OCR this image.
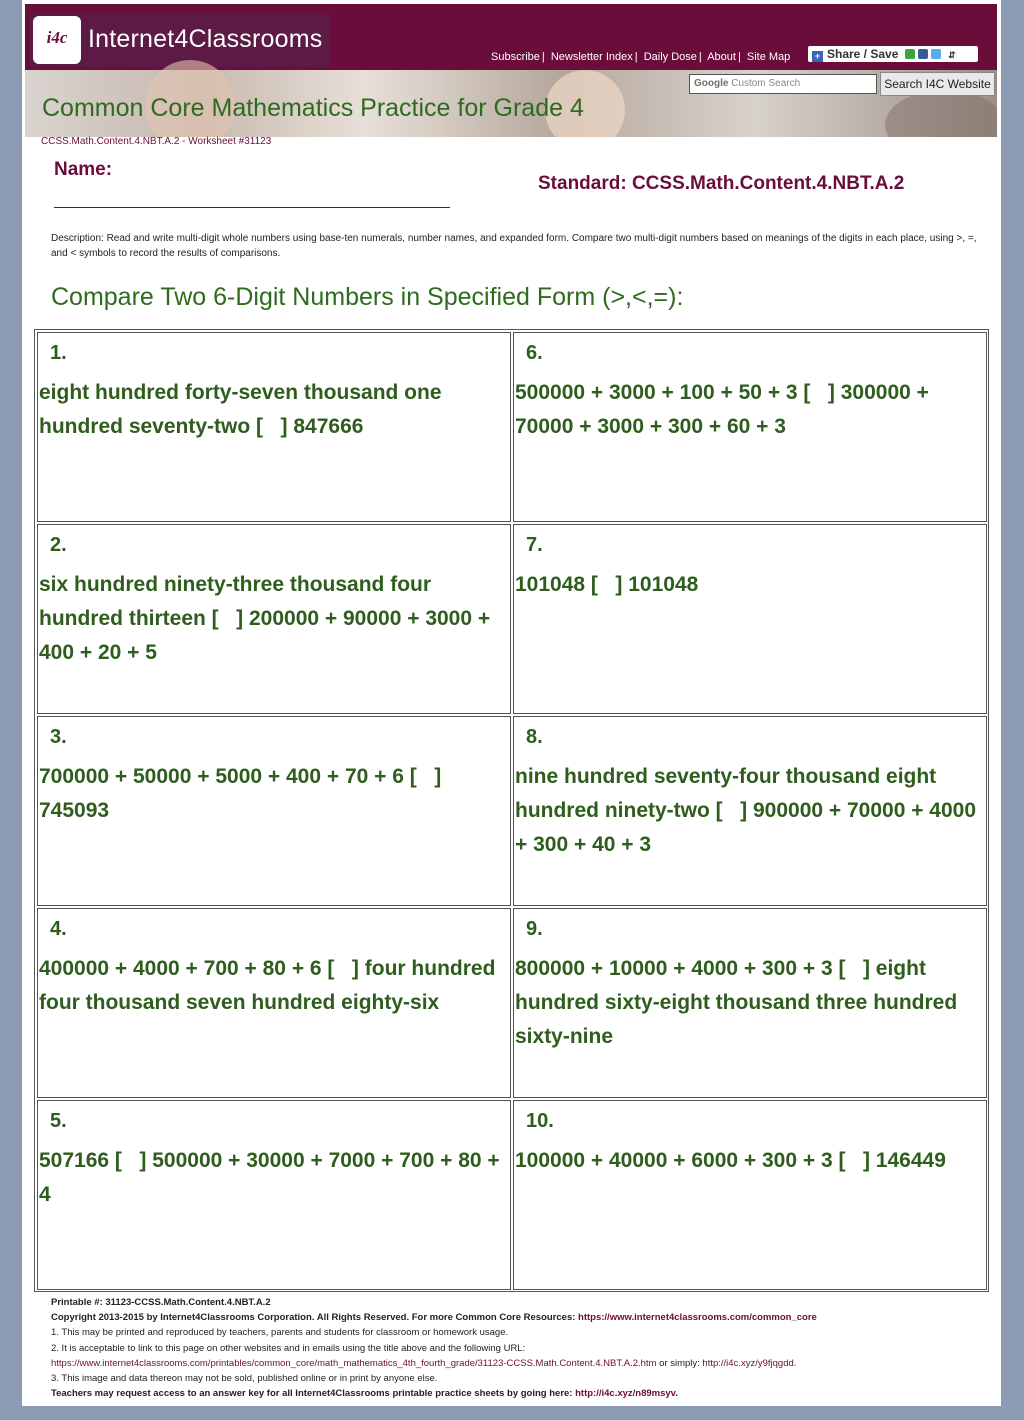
i4c Internet4Classrooms
Subscribe | Newsletter Index | Daily Dose | About | Site Map	+ Share / Save	⇵
Google Custom Search	Search I4C Website
Common Core Mathematics Practice for Grade 4
CCSS.Math.Content.4.NBT.A.2 - Worksheet #31123
Name:
Standard: CCSS.Math.Content.4.NBT.A.2
Description: Read and write multi-digit whole numbers using base-ten numerals, number names, and expanded form. Compare two multi-digit numbers based on meanings of the digits in each place, using >, =, and < symbols to record the results of comparisons.
Compare Two 6-Digit Numbers in Specified Form (>,<,=):
1.
eight hundred forty-seven thousand one hundred seventy-two [   ] 847666
6.
500000 + 3000 + 100 + 50 + 3 [   ] 300000 + 70000 + 3000 + 300 + 60 + 3
2.
six hundred ninety-three thousand four hundred thirteen [   ] 200000 + 90000 + 3000 + 400 + 20 + 5
7.
101048 [   ] 101048
3.
700000 + 50000 + 5000 + 400 + 70 + 6 [   ] 745093
8.
nine hundred seventy-four thousand eight hundred ninety-two [   ] 900000 + 70000 + 4000 + 300 + 40 + 3
4.
400000 + 4000 + 700 + 80 + 6 [   ] four hundred four thousand seven hundred eighty-six
9.
800000 + 10000 + 4000 + 300 + 3 [   ] eight hundred sixty-eight thousand three hundred sixty-nine
5.
507166 [   ] 500000 + 30000 + 7000 + 700 + 80 + 4
10.
100000 + 40000 + 6000 + 300 + 3 [   ] 146449
Printable #: 31123-CCSS.Math.Content.4.NBT.A.2
Copyright 2013-2015 by Internet4Classrooms Corporation. All Rights Reserved. For more Common Core Resources: https://www.internet4classrooms.com/common_core
1. This may be printed and reproduced by teachers, parents and students for classroom or homework usage.
2. It is acceptable to link to this page on other websites and in emails using the title above and the following URL:
https://www.internet4classrooms.com/printables/common_core/math_mathematics_4th_fourth_grade/31123-CCSS.Math.Content.4.NBT.A.2.htm or simply: http://i4c.xyz/y9fjqgdd.
3. This image and data thereon may not be sold, published online or in print by anyone else.
Teachers may request access to an answer key for all Internet4Classrooms printable practice sheets by going here: http://i4c.xyz/n89msyv.
